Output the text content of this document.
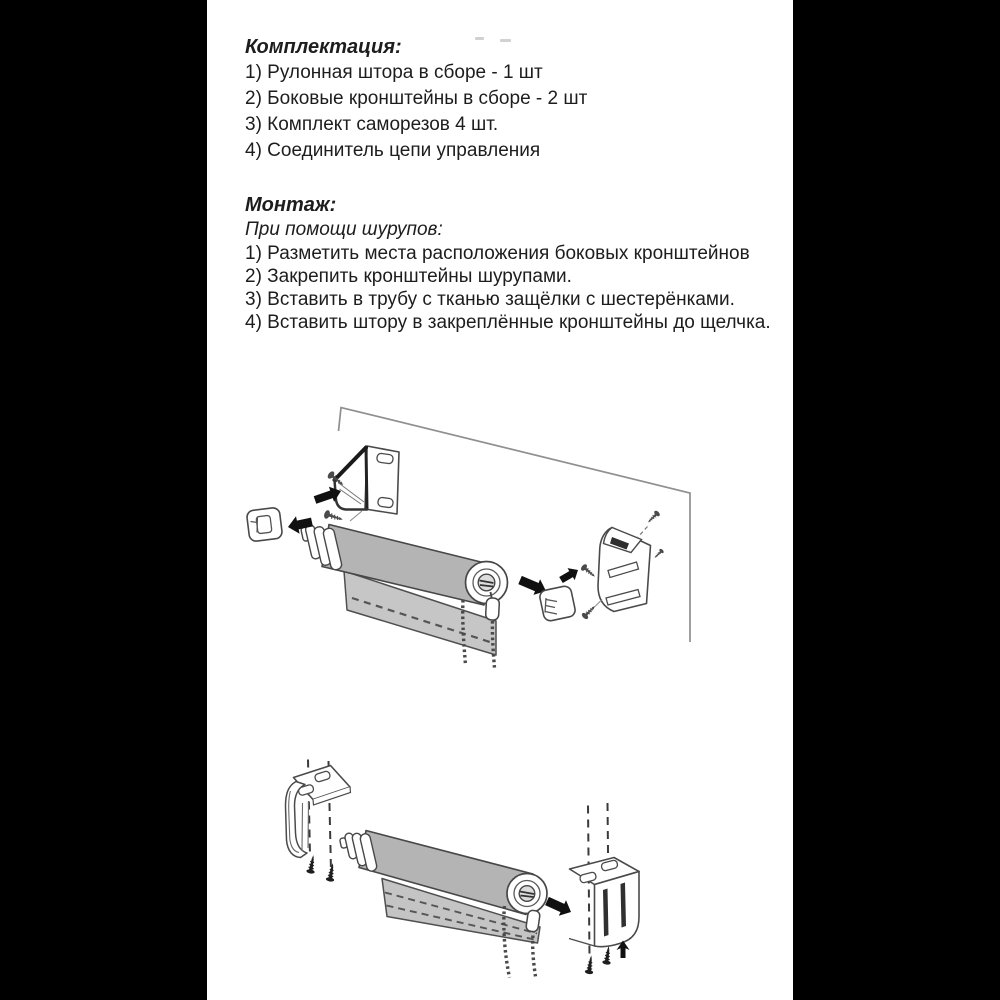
Комплектация:
1) Рулонная штора в сборе - 1 шт
2) Боковые кронштейны в сборе - 2 шт
3) Комплект саморезов 4 шт.
4) Соединитель цепи управления
Монтаж:
При помощи шурупов:
1) Разметить места расположения боковых кронштейнов
2) Закрепить кронштейны шурупами.
3) Вставить в трубу с тканью защёлки с шестерёнками.
4) Вставить штору в закреплённые кронштейны до щелчка.
